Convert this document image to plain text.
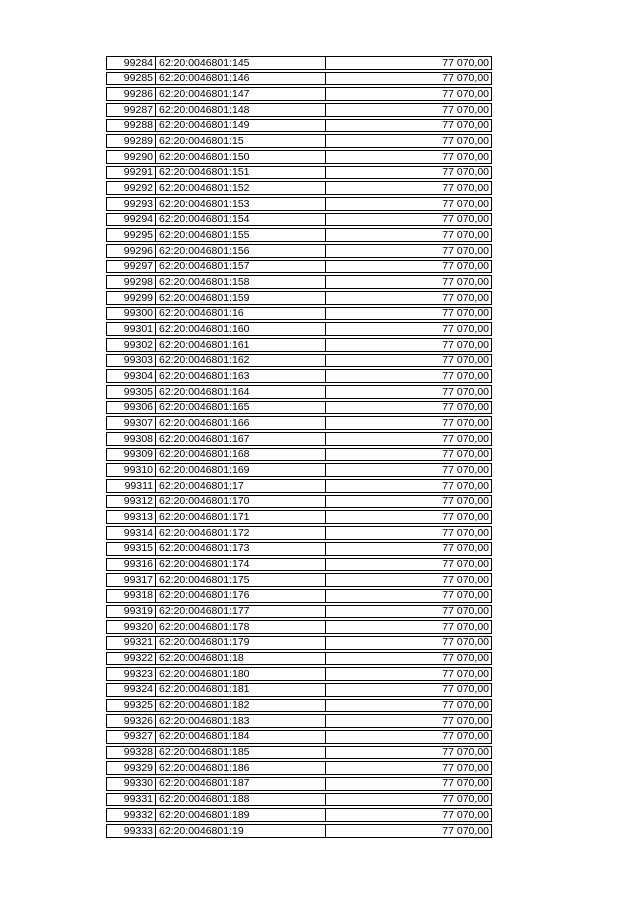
99284 62:20:0046801:145	77 070,00
99285 62:20:0046801:146	77 070,00
99286 62:20:0046801:147	77 070,00
99287 62:20:0046801:148	77 070,00
99288 62:20:0046801:149	77 070,00
99289 62:20:0046801:15	77 070,00
99290 62:20:0046801:150	77 070,00
99291 62:20:0046801:151	77 070,00
99292 62:20:0046801:152	77 070,00
99293 62:20:0046801:153	77 070,00
99294 62:20:0046801:154	77 070,00
99295 62:20:0046801:155	77 070,00
99296 62:20:0046801:156	77 070,00
99297 62:20:0046801:157	77 070,00
99298 62:20:0046801:158	77 070,00
99299 62:20:0046801:159	77 070,00
99300 62:20:0046801:16	77 070,00
99301 62:20:0046801:160	77 070,00
99302 62:20:0046801:161	77 070,00
99303 62:20:0046801:162	77 070,00
99304 62:20:0046801:163	77 070,00
99305 62:20:0046801:164	77 070,00
99306 62:20:0046801:165	77 070,00
99307 62:20:0046801:166	77 070,00
99308 62:20:0046801:167	77 070,00
99309 62:20:0046801:168	77 070,00
99310 62:20:0046801:169	77 070,00
99311 62:20:0046801:17	77 070,00
99312 62:20:0046801:170	77 070,00
99313 62:20:0046801:171	77 070,00
99314 62:20:0046801:172	77 070,00
99315 62:20:0046801:173	77 070,00
99316 62:20:0046801:174	77 070,00
99317 62:20:0046801:175	77 070,00
99318 62:20:0046801:176	77 070,00
99319 62:20:0046801:177	77 070,00
99320 62:20:0046801:178	77 070,00
99321 62:20:0046801:179	77 070,00
99322 62:20:0046801:18	77 070,00
99323 62:20:0046801:180	77 070,00
99324 62:20:0046801:181	77 070,00
99325 62:20:0046801:182	77 070,00
99326 62:20:0046801:183	77 070,00
99327 62:20:0046801:184	77 070,00
99328 62:20:0046801:185	77 070,00
99329 62:20:0046801:186	77 070,00
99330 62:20:0046801:187	77 070,00
99331 62:20:0046801:188	77 070,00
99332 62:20:0046801:189	77 070,00
99333 62:20:0046801:19	77 070,00
